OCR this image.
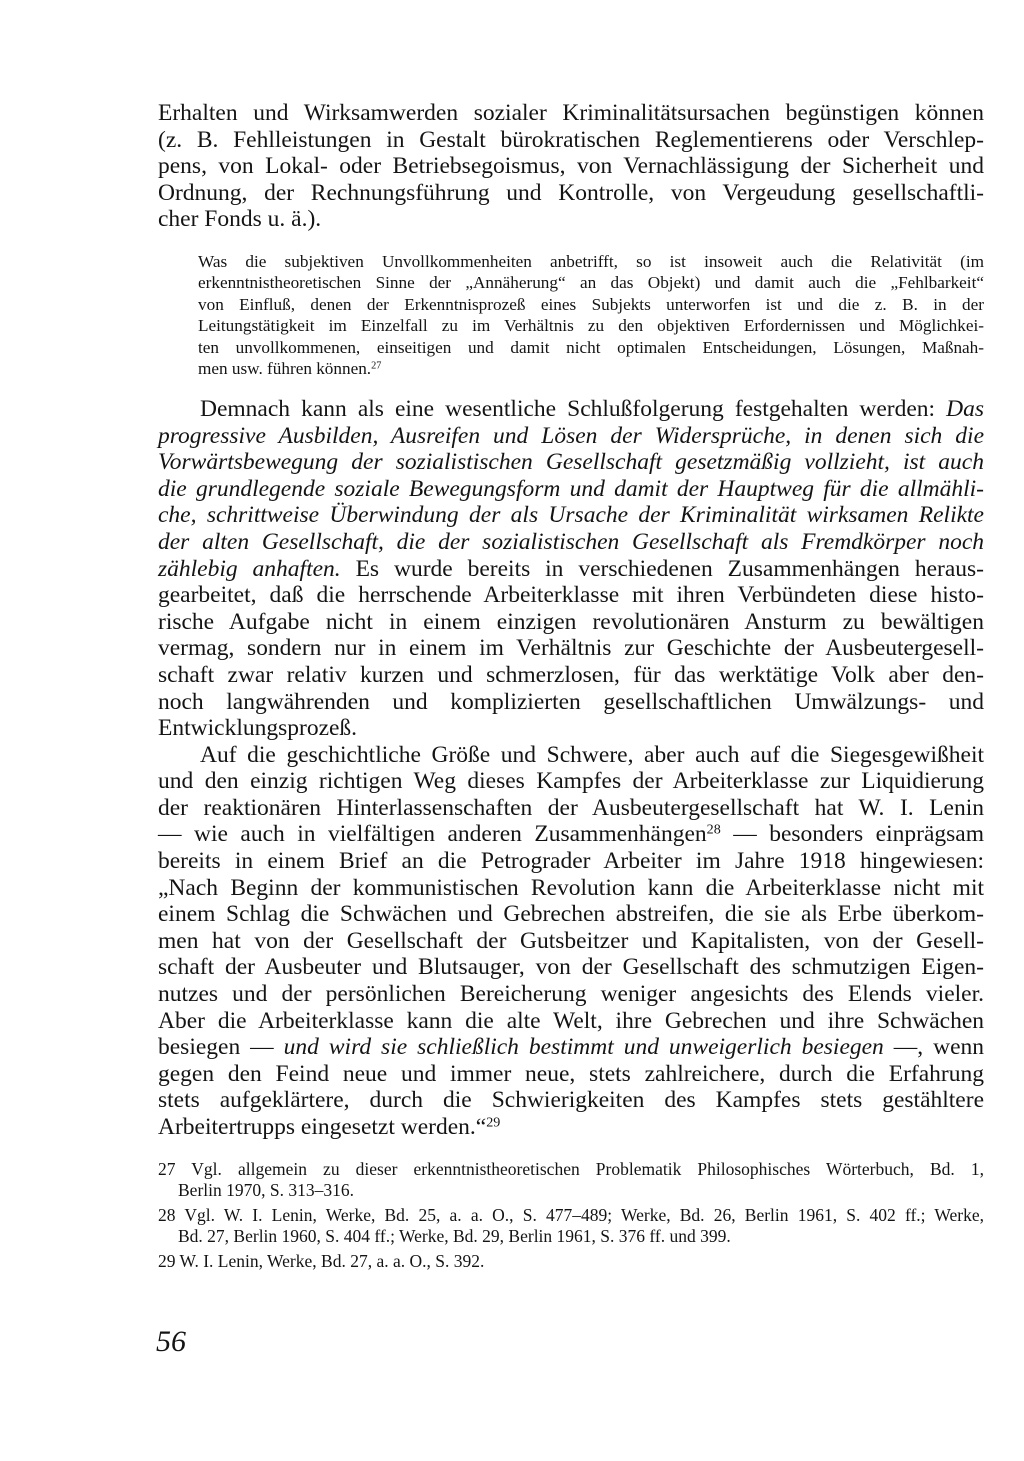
Erhalten und Wirksamwerden sozialer Kriminalitätsursachen begünstigen können
(z. B. Fehlleistungen in Gestalt bürokratischen Reglementierens oder Verschlep-
pens, von Lokal- oder Betriebsegoismus, von Vernachlässigung der Sicherheit und
Ordnung, der Rechnungsführung und Kontrolle, von Vergeudung gesellschaftli-
cher Fonds u. ä.).
Was die subjektiven Unvollkommenheiten anbetrifft, so ist insoweit auch die Relativität (im
erkenntnistheoretischen Sinne der „Annäherung“ an das Objekt) und damit auch die „Fehlbarkeit“
von Einfluß, denen der Erkenntnisprozeß eines Subjekts unterworfen ist und die z. B. in der
Leitungstätigkeit im Einzelfall zu im Verhältnis zu den objektiven Erfordernissen und Möglichkei-
ten unvollkommenen, einseitigen und damit nicht optimalen Entscheidungen, Lösungen, Maßnah-
men usw. führen können.$^{27}$
Demnach kann als eine wesentliche Schlußfolgerung festgehalten werden: Das
progressive Ausbilden, Ausreifen und Lösen der Widersprüche, in denen sich die
Vorwärtsbewegung der sozialistischen Gesellschaft gesetzmäßig vollzieht, ist auch
die grundlegende soziale Bewegungsform und damit der Hauptweg für die allmähli-
che, schrittweise Überwindung der als Ursache der Kriminalität wirksamen Relikte
der alten Gesellschaft, die der sozialistischen Gesellschaft als Fremdkörper noch
zählebig anhaften. Es wurde bereits in verschiedenen Zusammenhängen heraus-
gearbeitet, daß die herrschende Arbeiterklasse mit ihren Verbündeten diese histo-
rische Aufgabe nicht in einem einzigen revolutionären Ansturm zu bewältigen
vermag, sondern nur in einem im Verhältnis zur Geschichte der Ausbeutergesell-
schaft zwar relativ kurzen und schmerzlosen, für das werktätige Volk aber den-
noch langwährenden und komplizierten gesellschaftlichen Umwälzungs- und
Entwicklungsprozeß.
Auf die geschichtliche Größe und Schwere, aber auch auf die Siegesgewißheit
und den einzig richtigen Weg dieses Kampfes der Arbeiterklasse zur Liquidierung
der reaktionären Hinterlassenschaften der Ausbeutergesellschaft hat W. I. Lenin
— wie auch in vielfältigen anderen Zusammenhängen$^{28}$ — besonders einprägsam
bereits in einem Brief an die Petrograder Arbeiter im Jahre 1918 hingewiesen:
„Nach Beginn der kommunistischen Revolution kann die Arbeiterklasse nicht mit
einem Schlag die Schwächen und Gebrechen abstreifen, die sie als Erbe überkom-
men hat von der Gesellschaft der Gutsbeitzer und Kapitalisten, von der Gesell-
schaft der Ausbeuter und Blutsauger, von der Gesellschaft des schmutzigen Eigen-
nutzes und der persönlichen Bereicherung weniger angesichts des Elends vieler.
Aber die Arbeiterklasse kann die alte Welt, ihre Gebrechen und ihre Schwächen
besiegen — und wird sie schließlich bestimmt und unweigerlich besiegen —, wenn
gegen den Feind neue und immer neue, stets zahlreichere, durch die Erfahrung
stets aufgeklärtere, durch die Schwierigkeiten des Kampfes stets gestähltere
Arbeitertrupps eingesetzt werden.“$^{29}$
27 Vgl. allgemein zu dieser erkenntnistheoretischen Problematik Philosophisches Wörterbuch, Bd. 1,
Berlin 1970, S. 313–316.
28 Vgl. W. I. Lenin, Werke, Bd. 25, a. a. O., S. 477–489; Werke, Bd. 26, Berlin 1961, S. 402 ff.; Werke,
Bd. 27, Berlin 1960, S. 404 ff.; Werke, Bd. 29, Berlin 1961, S. 376 ff. und 399.
29 W. I. Lenin, Werke, Bd. 27, a. a. O., S. 392.
56
